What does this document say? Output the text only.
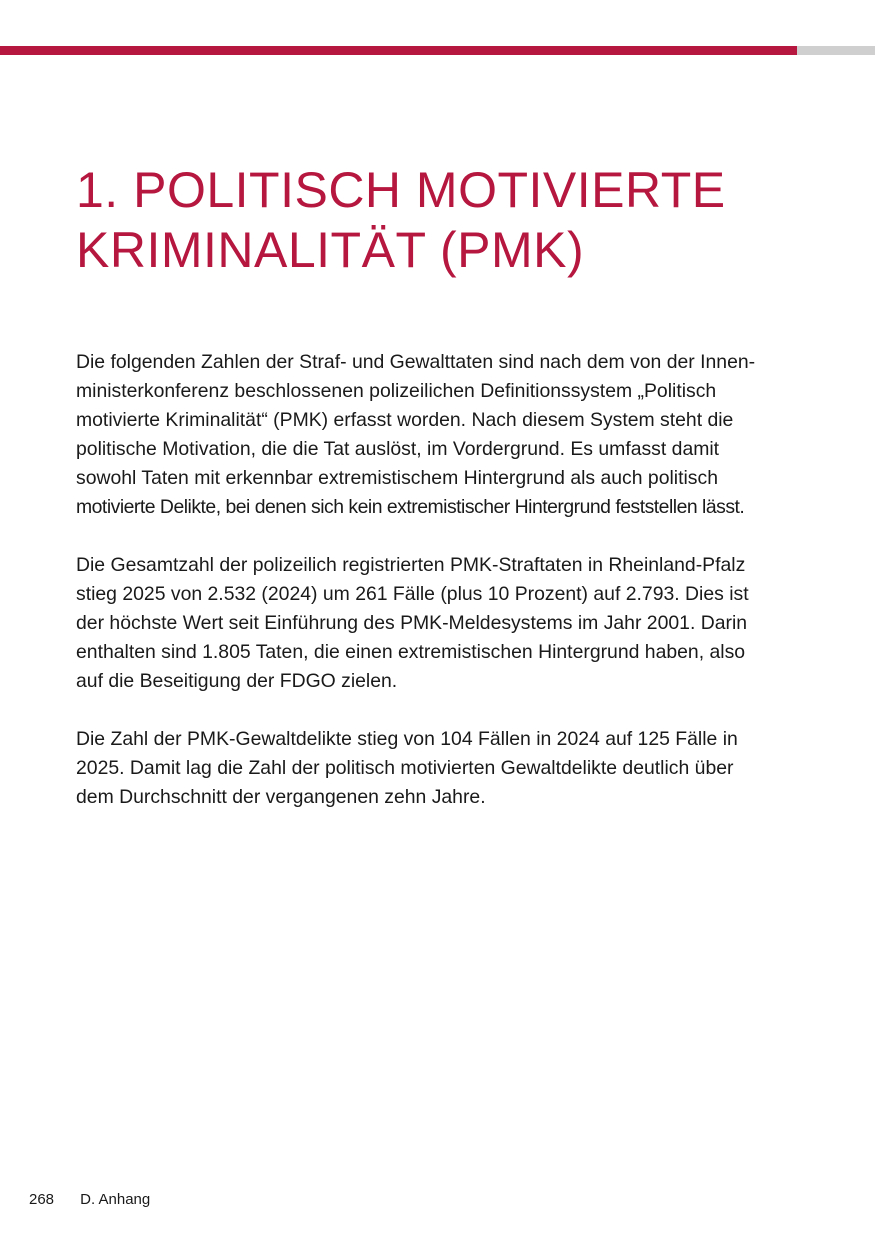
1. POLITISCH MOTIVIERTE
KRIMINALITÄT (PMK)

Die folgenden Zahlen der Straf- und Gewalttaten sind nach dem von der Innen-
ministerkonferenz beschlossenen polizeilichen Definitionssystem „Politisch
motivierte Kriminalität“ (PMK) erfasst worden. Nach diesem System steht die
politische Motivation, die die Tat auslöst, im Vordergrund. Es umfasst damit
sowohl Taten mit erkennbar extremistischem Hintergrund als auch politisch
motivierte Delikte, bei denen sich kein extremistischer Hintergrund feststellen lässt.

Die Gesamtzahl der polizeilich registrierten PMK-Straftaten in Rheinland-Pfalz
stieg 2025 von 2.532 (2024) um 261 Fälle (plus 10 Prozent) auf 2.793. Dies ist
der höchste Wert seit Einführung des PMK-Meldesystems im Jahr 2001. Darin
enthalten sind 1.805 Taten, die einen extremistischen Hintergrund haben, also
auf die Beseitigung der FDGO zielen.

Die Zahl der PMK-Gewaltdelikte stieg von 104 Fällen in 2024 auf 125 Fälle in
2025. Damit lag die Zahl der politisch motivierten Gewaltdelikte deutlich über
dem Durchschnitt der vergangenen zehn Jahre.

268 D. Anhang
